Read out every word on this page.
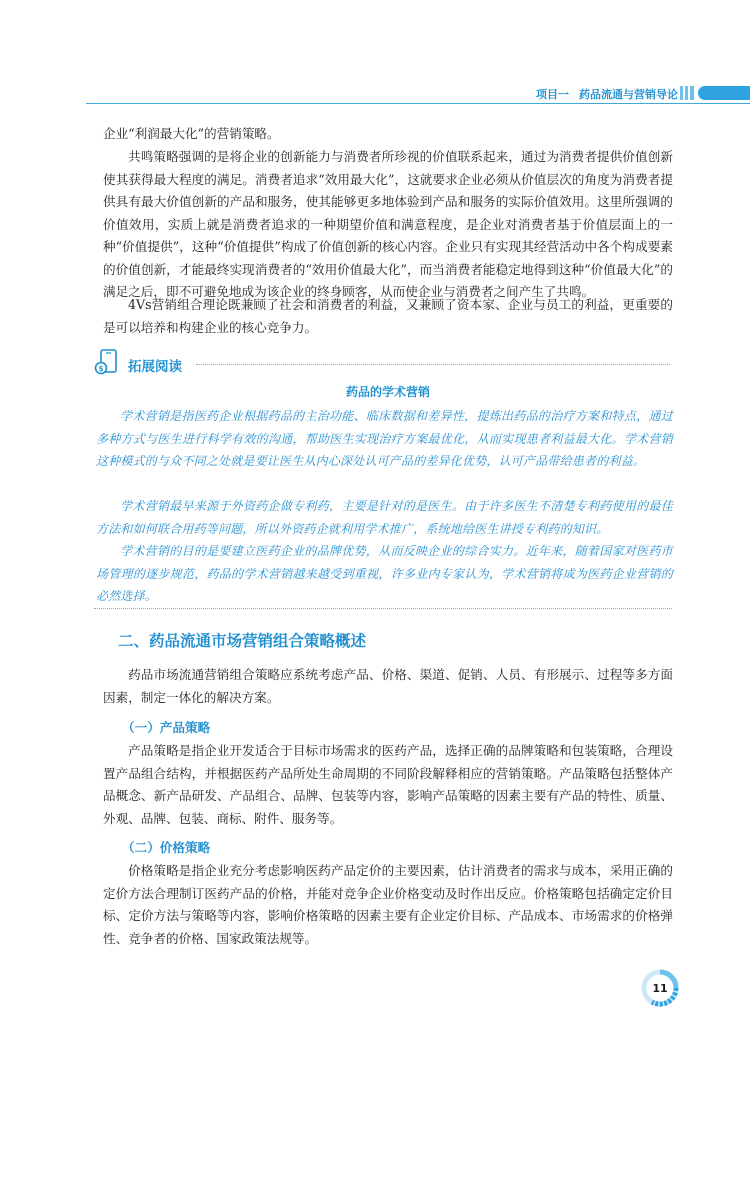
项目一 药品流通与营销导论

企业“利润最大化”的营销策略。

共鸣策略强调的是将企业的创新能力与消费者所珍视的价值联系起来，通过为消费者提供价值创新使其获得最大程度的满足。消费者追求“效用最大化”，这就要求企业必须从价值层次的角度为消费者提供具有最大价值创新的产品和服务，使其能够更多地体验到产品和服务的实际价值效用。这里所强调的价值效用，实质上就是消费者追求的一种期望价值和满意程度，是企业对消费者基于价值层面上的一种“价值提供”，这种“价值提供”构成了价值创新的核心内容。企业只有实现其经营活动中各个构成要素的价值创新，才能最终实现消费者的“效用价值最大化”，而当消费者能稳定地得到这种“价值最大化”的满足之后，即不可避免地成为该企业的终身顾客，从而使企业与消费者之间产生了共鸣。

4Vs营销组合理论既兼顾了社会和消费者的利益，又兼顾了资本家、企业与员工的利益，更重要的是可以培养和构建企业的核心竞争力。

$ 拓展阅读
药品的学术营销

学术营销是指医药企业根据药品的主治功能、临床数据和差异性，提炼出药品的治疗方案和特点，通过多种方式与医生进行科学有效的沟通，帮助医生实现治疗方案最优化，从而实现患者利益最大化。学术营销这种模式的与众不同之处就是要让医生从内心深处认可产品的差异化优势，认可产品带给患者的利益。

学术营销最早来源于外资药企做专利药，主要是针对的是医生。由于许多医生不清楚专利药使用的最佳方法和如何联合用药等问题，所以外资药企就利用学术推广，系统地给医生讲授专利药的知识。

学术营销的目的是要建立医药企业的品牌优势，从而反映企业的综合实力。近年来，随着国家对医药市场管理的逐步规范，药品的学术营销越来越受到重视，许多业内专家认为，学术营销将成为医药企业营销的必然选择。

二、药品流通市场营销组合策略概述

药品市场流通营销组合策略应系统考虑产品、价格、渠道、促销、人员、有形展示、过程等多方面因素，制定一体化的解决方案。

（一）产品策略

产品策略是指企业开发适合于目标市场需求的医药产品，选择正确的品牌策略和包装策略，合理设置产品组合结构，并根据医药产品所处生命周期的不同阶段解释相应的营销策略。产品策略包括整体产品概念、新产品研发、产品组合、品牌、包装等内容，影响产品策略的因素主要有产品的特性、质量、外观、品牌、包装、商标、附件、服务等。

（二）价格策略

价格策略是指企业充分考虑影响医药产品定价的主要因素，估计消费者的需求与成本，采用正确的定价方法合理制订医药产品的价格，并能对竞争企业价格变动及时作出反应。价格策略包括确定定价目标、定价方法与策略等内容，影响价格策略的因素主要有企业定价目标、产品成本、市场需求的价格弹性、竞争者的价格、国家政策法规等。

11
